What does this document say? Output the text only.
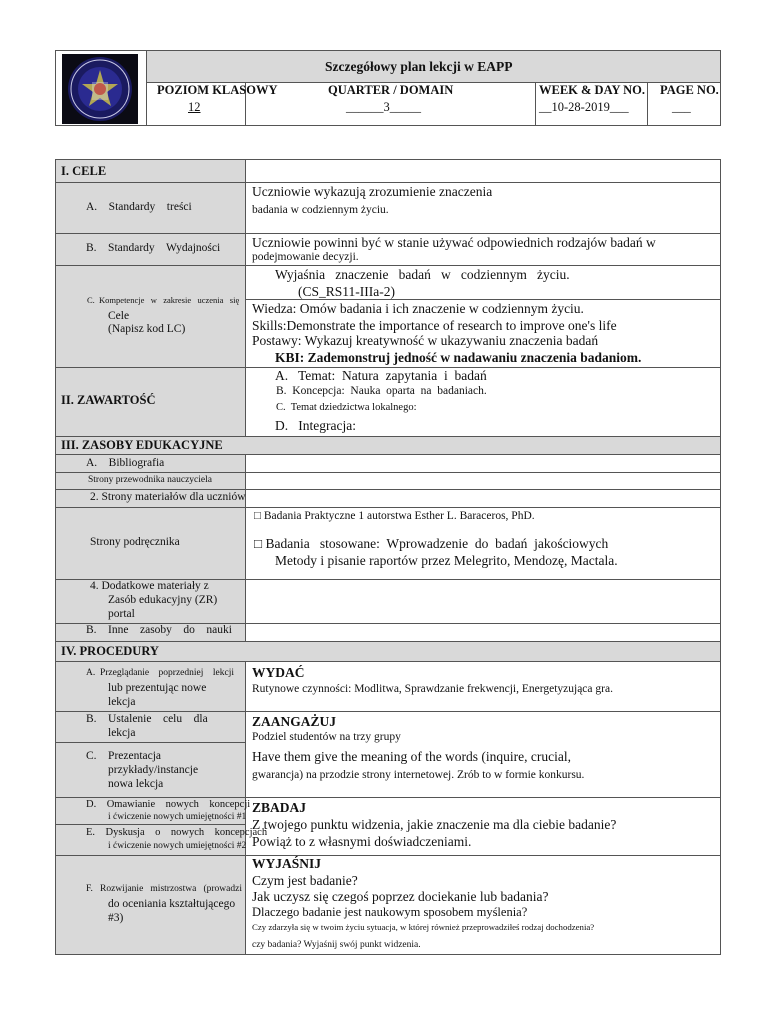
Szczegółowy plan lekcji w EAPP
POZIOM KLASOWY
12
QUARTER / DOMAIN
______3_____
WEEK & DAY NO.
__10-28-2019___
PAGE NO.
___
I. CELE
A.    Standardy    treści
Uczniowie wykazują zrozumienie znaczenia
badania w codziennym życiu.
B.    Standardy    Wydajności Uczniowie powinni być w stanie używać odpowiednich rodzajów badań w
podejmowanie decyzji.
C.  Kompetencje   w   zakresie   uczenia   się
Cele
(Napisz kod LC)
Wyjaśnia   znaczenie   badań   w   codziennym   życiu.
(CS_RS11-IIIa-2)
Wiedza: Omów badania i ich znaczenie w codziennym życiu.
Skills:Demonstrate the importance of research to improve one's life
Postawy: Wykazuj kreatywność w ukazywaniu znaczenia badań
KBI: Zademonstruj jedność w nadawaniu znaczenia badaniom.
II. ZAWARTOŚĆ
A.   Temat:  Natura  zapytania  i  badań
B.  Koncepcja:  Nauka  oparta  na  badaniach.
C.  Temat dziedzictwa lokalnego:
D.   Integracja:
III. ZASOBY EDUKACYJNE
A.    Bibliografia
Strony przewodnika nauczyciela
2. Strony materiałów dla uczniów
Strony podręcznika
□ Badania Praktyczne 1 autorstwa Esther L. Baraceros, PhD.
□ Badania   stosowane:  Wprowadzenie  do  badań  jakościowych
Metody i pisanie raportów przez Melegrito, Mendozę, Mactala.
4. Dodatkowe materiały z
Zasób edukacyjny (ZR)
portal
B.    Inne    zasoby    do    nauki
IV. PROCEDURY
A.  Przeglądanie    poprzedniej    lekcji
lub prezentując nowe
lekcja
WYDAĆ
Rutynowe czynności: Modlitwa, Sprawdzanie frekwencji, Energetyzująca gra.
B.    Ustalenie    celu    dla
lekcja
ZAANGAŻUJ
Podziel studentów na trzy grupy
Have them give the meaning of the words (inquire, crucial,
gwarancja) na przodzie strony internetowej. Zrób to w formie konkursu.
C.    Prezentacja
przykłady/instancje
nowa lekcja
D.    Omawianie    nowych    koncepcji
i ćwiczenie nowych umiejętności #1
E.    Dyskusja    o    nowych    koncepcjach
i ćwiczenie nowych umiejętności #2
ZBADAJ
Z twojego punktu widzenia, jakie znaczenie ma dla ciebie badanie?
Powiąż to z własnymi doświadczeniami.
F.   Rozwijanie   mistrzostwa   (prowadzi
do oceniania kształtującego
#3)
WYJAŚNIJ
Czym jest badanie?
Jak uczysz się czegoś poprzez dociekanie lub badania?
Dlaczego badanie jest naukowym sposobem myślenia?
Czy zdarzyła się w twoim życiu sytuacja, w której również przeprowadziłeś rodzaj dochodzenia?
czy badania? Wyjaśnij swój punkt widzenia.
